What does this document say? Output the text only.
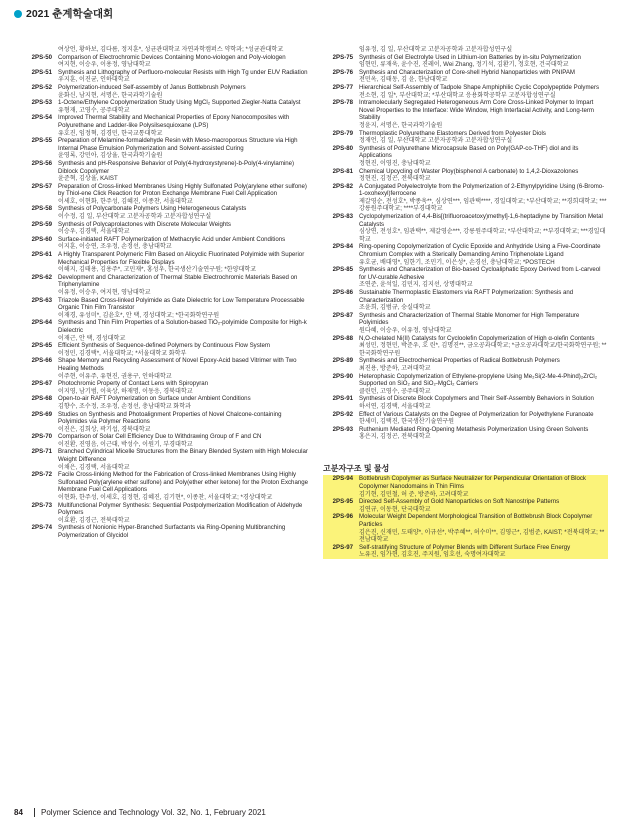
2021 춘계학술대회
여상언, 황하보, 김다름, 정지훈*, 성균관대학교 자연과학캠퍼스 약학과; *성균관대학교
2PS-50 Comparison of Electrochromic Devices Containing Mono-viologen and Poly-viologen
여지현, 이승우, 이용정, 영남대학교
2PS-51 Synthesis and Lithography of Perfluoro-molecular Resists with High Tg under EUV Radiation
우지훈, 이진균, 인하대학교
2PS-52 Polymerization-induced Self-assembly of Janus Bottlebrush Polymers
윤화신, 남지현, 서명은, 한국과학기술원
2PS-53 1-Octene/Ethylene Copolymerization Study Using MgCl₂ Supported Ziegler-Natta Catalyst
유형재, 고영수, 공주대학교
2PS-54 Improved Thermal Stability and Mechanical Properties of Epoxy Nanocomposites with Polyurethane and Ladder-like Polysilsesquioxane (LPS)
유호진, 임정혁, 김경민, 한국교통대학교
2PS-55 Preparation of Melamine-formaldehyde Resin with Meso-macroporous Structure via High Internal Phase Emulsion Polymerization and Solvent-assisted Curing
윤영록, 강민아, 김상율, 한국과학기술원
2PS-56 Synthesis and pH-Responsive Behavior of Poly(4-hydroxystyrene)-b-Poly(4-vinylamine) Diblock Copolymer
윤준혁, 김상율, KAIST
2PS-57 Preparation of Cross-linked Membranes Using Highly Sulfonated Poly(arylene ether sulfone) by Thiol-ene Click Reaction for Proton Exchange Membrane Fuel Cell Application
이세호, 이현화, 한주성, 김혜진, 이종찬, 서울대학교
2PS-58 Synthesis of Polycarbonate Polymers Using Heterogeneous Catalysts
이수정, 김 일, 부산대학교 고분자공학과 고분자합성연구실
2PS-59 Synthesis of Polycaprolactones with Discrete Molecular Weights
이승우, 김경택, 서울대학교
2PS-60 Surface-initiated RAFT Polymerization of Methacrylic Acid under Ambient Conditions
이지훈, 이승연, 조우정, 손정선, 충남대학교
2PS-61 A Highly Transparent Polymeric Film Based on Alicyclic Fluorinated Polyimide with Superior Mechanical Properties for Flexible Displays
이해지, 김태용, 김용주*, 고민재*, 홍성우, 한국생산기술연구원; *한양대학교
2PS-62 Development and Characterization of Thermal Stable Electrochromic Materials Based on Triphenylamine
이유정, 이승우, 여지현, 영남대학교
2PS-63 Triazole Based Cross-linked Polyimide as Gate Dielectric for Low Temperature Processable Organic Thin Film Transistor
이재경, 유성미*, 김윤호*, 안 택, 경성대학교; *한국화학연구원
2PS-64 Synthesis and Thin Film Properties of a Solution-based TiO₂-polyimide Composite for High-k Dielectric
이재근, 안 택, 경성대학교
2PS-65 Efficient Synthesis of Sequence-defined Polymers by Continuous Flow System
이정민, 김경택*, 서울대학교; *서울대학교 화학부
2PS-66 Shape Memory and Recycling Assessment of Novel Epoxy-Acid based Vitrimer with Two Healing Methods
이주현, 이유주, 유현진, 권용구, 인하대학교
2PS-67 Photochromic Property of Contact Lens with Spiropyran
이지영, 남기범, 이육상, 하재명, 이동응, 경북대학교
2PS-68 Open-to-air RAFT Polymerization on Surface under Ambient Conditions
김향수, 조수정, 조우정, 손정선, 충남대학교 화학과
2PS-69 Studies on Synthesis and Photoalignment Properties of Novel Chalcone-containing Polyimides via Polymer Reactions
이진은, 김희상, 곽기섭, 경북대학교
2PS-70 Comparison of Solar Cell Efficiency Due to Withdrawing Group of F and CN
이진환, 진영음, 이근대, 박성수, 이원기, 부경대학교
2PS-71 Branched Cylindrical Micelle Structures from the Binary Blended System with High Molecular Weight Difference
이채은, 김경택, 서울대학교
2PS-72 Facile Cross-linking Method for the Fabrication of Cross-linked Membranes Using Highly Sulfonated Poly(arylene ether sulfone) and Poly(ether ether ketone) for the Proton Exchange Membrane Fuel Cell Applications
이현화, 한주성, 이세호, 김정현, 김혜진, 김기현*, 이종찬, 서울대학교; *경상대학교
2PS-73 Multifunctional Polymer Synthesis: Sequential Postpolymerization Modification of Aldehyde Polymers
이효환, 김경근, 전북대학교
2PS-74 Synthesis of Nonionic Hyper-Branched Surfactants via Ring-Opening Multibranching Polymerization of Glycidol
임유정, 김 일, 부산대학교 고분자공학과 고분자합성연구실
2PS-75 Synthesis of Gel Electrolyte Used in Lithium-ion Batteries by in-situ Polymerization
임현민, 류재욱, 윤수진, 진레이, Wei Zhang, 정기석, 김환기, 정호현, 건국대학교
2PS-76 Synthesis and Characterization of Core-shell Hybrid Nanoparticles with PNIPAM
전민옥, 김태동, 김 윤, 한남대학교
2PS-77 Hierarchical Self-Assembly of Tadpole Shape Amphiphilic Cyclic Copolypeptide Polymers
전소현, 김 일*, 부산대학교; *부산대학교 응용화학공학부 고분자합성연구실
2PS-78 Intramolecularly Segregated Heterogeneous Arm Core Cross-Linked Polymer to Impart Novel Properties to the Interface: Wide Window, High Interfacial Activity, and Long-term Stability
정윤지, 서명은, 한국과학기술원
2PS-79 Thermoplastic Polyurethane Elastomers Derived from Polyester Diols
정재언, 김 일, 부산대학교 고분자공학과 고분자합성연구실
2PS-80 Synthesis of Polyurethane Microcapsule Based on Poly(GAP-co-THF) diol and its Applications
정현진, 이영진, 충남대학교
2PS-81 Chemical Upcycling of Waster Ploy(bisphenol A carbonate) to 1,4,2-Dioxazolones
정현진, 김정곤, 전북대학교
2PS-82 A Conjugated Polyelectrolyte from the Polymerization of 2-Ethynylpyridine Using (6-Bromo-1-oxohexyl)ferrocene
제갈영순, 전성호*, 박종욱**, 심상연***, 임관택****, 경일대학교; *부산대학교; **경희대학교; ***강릉원주대학교; ****부경대학교
2PS-83 Cyclopolymerization of 4,4-Bis[(trifluoroacetoxy)methyl]-1,6-heptadiyne by Transition Metal Catalysts
심상연, 전성호*, 임관택**, 제갈영순***, 강릉원주대학교; *부산대학교; **부경대학교; ***경일대학교
2PS-84 Ring-opening Copolymerization of Cyclic Epoxide and Anhydride Using a Five-Coordinate Chromium Complex with a Sterically Demanding Amino Triphenolate Ligand
유호균, 배대영*, 임한기, 조민기, 이은성*, 손경선, 충남대학교; *POSTECH
2PS-85 Synthesis and Characterization of Bio-based Cycloaliphatic Epoxy Derived from L-carveol for UV-curable Adhesive
조연준, 윤석일, 김민지, 김지선, 상명대학교
2PS-86 Sustainable Thermoplastic Elastomers via RAFT Polymerization: Synthesis and Characterization
조윤희, 김범규, 숭실대학교
2PS-87 Synthesis and Characterization of Thermal Stable Monomer for High Temperature Polyimides
원다혜, 이승우, 이유정, 영남대학교
2PS-88 N,O-chelated Ni(II) Catalysts for Cycloolefin Copolymerization of High α-olefin Contents
최성민, 정현민, 박준우, 호 린*, 김명진**, 금오공과대학교; *금오공과대학교/한국화학연구원; **한국화학연구원
2PS-89 Synthesis and Electrochemical Properties of Radical Bottlebrush Polymers
최진용, 방준하, 고려대학교
2PS-90 Heterophasic Copolymerization of Ethylene-propylene Using Me₂Si(2-Me-4-Phind)₂ZrCl₂ Supported on SiO₂ and SiO₂-MgCl₂ Carriers
클린턴, 고영수, 공주대학교
2PS-91 Synthesis of Discrete Block Copolymers and Their Self-Assembly Behaviors in Solution
하서연, 김경택, 서울대학교
2PS-92 Effect of Various Catalysts on the Degree of Polymerization for Polyethylene Furanoate
한세미, 김택진, 한국생산기술연구원
2PS-93 Ruthenium Mediated Ring-Opening Metathesis Polymerization Using Green Solvents
홍은지, 김정곤, 전북대학교
고분자구조 및 물성
2PS-94 Bottlebrush Copolymer as Surface Neutralizer for Perpendicular Orientation of Block Copolymer Nanodomains in Thin Films
김기현, 김민철, 허 준, 방준하, 고려대학교
2PS-95 Directed Self-Assembly of Gold Nanoparticles on Soft Nanostripe Patterns
김연규, 이동현, 단국대학교
2PS-96 Molecular Weight Dependent Morphological Transition of Bottlebrush Block Copolymer Particles
김은진, 신재민, 도태양*, 이규선*, 박주혜**, 허수미**, 김영근*, 김범준, KAIST; *전북대학교; **전남대학교
2PS-97 Self-stratifying Structure of Polymer Blends with Different Surface Free Energy
노유진, 임가현, 김호진, 주지원, 임호선, 숙명여자대학교
84	Polymer Science and Technology Vol. 32, No. 1, February 2021
